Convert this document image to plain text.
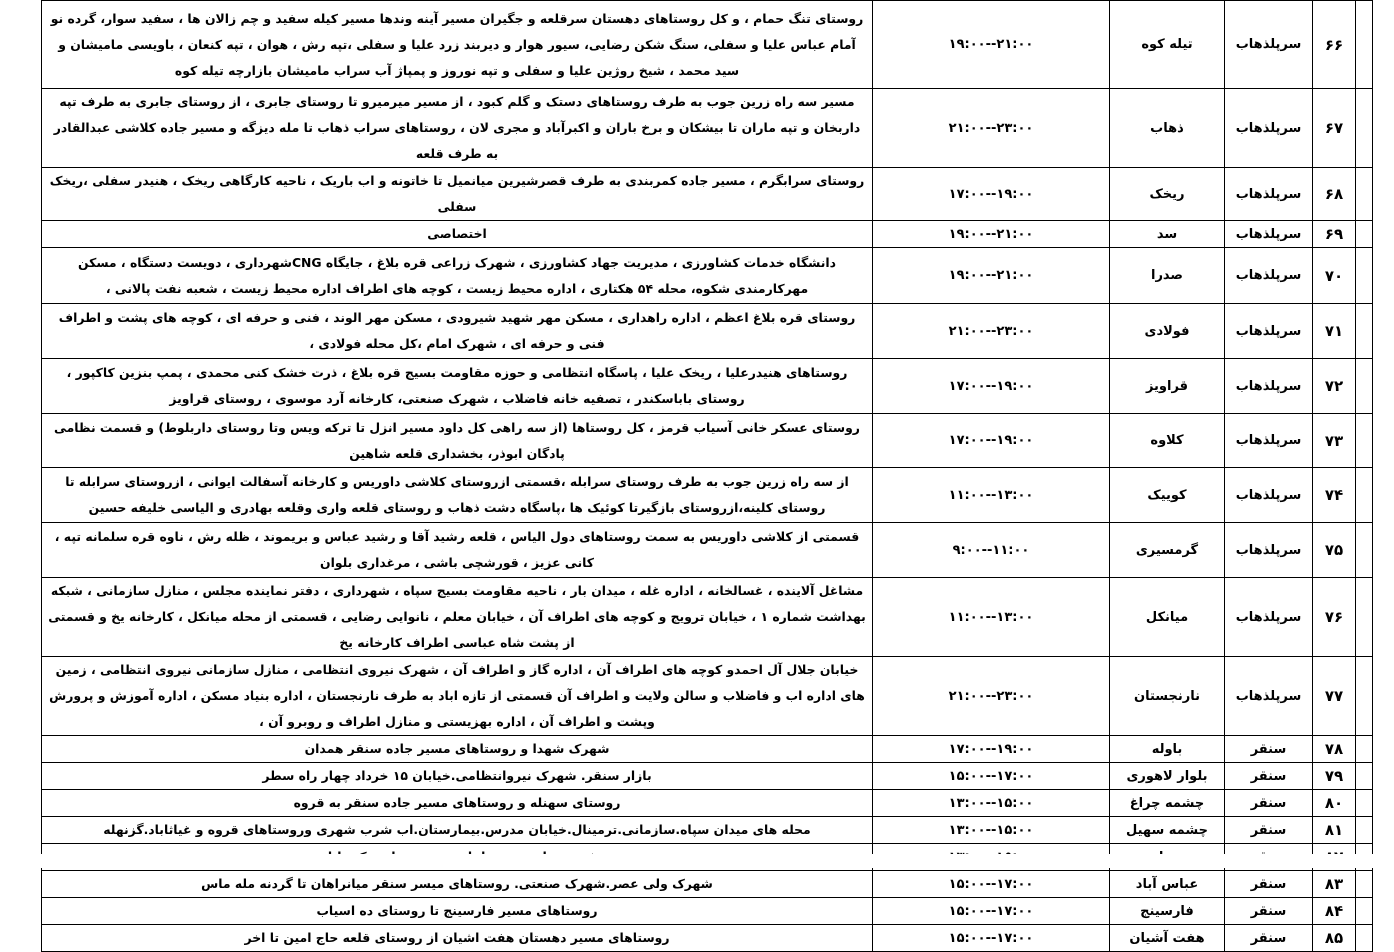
	۶۶	سرپلذهاب	تیله کوه	۱۹:۰۰--۲۱:۰۰	روستای تنگ حمام ، و کل روستاهای دهستان سرقلعه و جگیران مسیر آینه وندها مسیر کیله سفید و چم زالان ها ، سفید سوار، گرده نو آمام عباس علیا و سفلی، سنگ شکن رضایی، سیور هوار و دیربند زرد علیا و سفلی ،تپه رش ، هوان ، تپه کنعان ، باویسی مامیشان و سید محمد ، شیخ روژین علیا و سفلی و تپه نوروز و پمپاژ آب سراب مامیشان بازارچه تیله کوه
	۶۷	سرپلذهاب	ذهاب	۲۱:۰۰--۲۳:۰۰	مسیر سه راه زرین جوب به طرف روستاهای دستک و گلم کبود ، از مسیر میرمیرو تا روستای جابری ، از روستای جابری به طرف تپه داربخان و تپه ماران تا بیشکان و برخ باران و اکبرآباد و مجری لان ، روستاهای سراب ذهاب تا مله دیزگه و مسیر جاده کلاشی عبدالقادر به طرف قلعه
	۶۸	سرپلذهاب	ریخک	۱۷:۰۰--۱۹:۰۰	روستای سرابگرم ، مسیر جاده کمربندی به طرف قصرشیرین میانمیل تا خاتونه و اب باریک ، ناحیه کارگاهی ریخک ، هنیدر سفلی ،ریخک سفلی
	۶۹	سرپلذهاب	سد	۱۹:۰۰--۲۱:۰۰	اختصاصی
	۷۰	سرپلذهاب	صدرا	۱۹:۰۰--۲۱:۰۰	دانشگاه خدمات کشاورزی ، مدیریت جهاد کشاورزی ، شهرک زراعی قره بلاغ ، جایگاه CNGشهرداری ، دویست دستگاه ، مسکن مهرکارمندی شکوه، محله ۵۴ هکتاری ، اداره محیط زیست ، کوچه های اطراف اداره محیط زیست ، شعبه نفت پالانی ،
	۷۱	سرپلذهاب	فولادی	۲۱:۰۰--۲۳:۰۰	روستای قره بلاغ اعظم ، اداره راهداری ، مسکن مهر شهید شیرودی ، مسکن مهر الوند ، فنی و حرفه ای ، کوچه های پشت و اطراف فنی و حرفه ای ، شهرک امام ،کل محله فولادی ،
	۷۲	سرپلذهاب	قراویز	۱۷:۰۰--۱۹:۰۰	روستاهای هنیدرعلیا ، ریخک علیا ، پاسگاه انتظامی و حوزه مقاومت بسیج قره بلاغ ، ذرت خشک کنی محمدی ، پمپ بنزین کاکپور ، روستای باباسکندر ، تصفیه خانه فاضلاب ، شهرک صنعتی، کارخانه آرد موسوی ، روستای قراویز
	۷۳	سرپلذهاب	کلاوه	۱۷:۰۰--۱۹:۰۰	روستای عسکر خانی آسیاب قرمز ، کل روستاها (از سه راهی کل داود مسیر انزل تا ترکه ویس وتا روستای داربلوط) و قسمت نظامی پادگان ابوذر، بخشداری قلعه شاهین
	۷۴	سرپلذهاب	کوییک	۱۱:۰۰--۱۳:۰۰	از سه راه زرین جوب به طرف روستای سرابله ،قسمتی ازروستای کلاشی داوریس و کارخانه آسفالت ایوانی ، ازروستای سرابله تا روستای کلینه،ازروستای بازگیرتا کوئیک ها ،پاسگاه دشت ذهاب و روستای قلعه واری وقلعه بهادری و الیاسی خلیفه حسین
	۷۵	سرپلذهاب	گرمسیری	۹:۰۰--۱۱:۰۰	قسمتی از کلاشی داوریس به سمت روستاهای دول الیاس ، قلعه رشید آقا و رشید عباس و بریموند ، ظله رش ، ناوه قره سلمانه تپه ، کانی عزیز ، قورشچی باشی ، مرغداری بلوان
	۷۶	سرپلذهاب	میانکل	۱۱:۰۰--۱۳:۰۰	مشاغل آلاینده ، غسالخانه ، اداره غله ، میدان بار ، ناحیه مقاومت بسیج سپاه ، شهرداری ، دفتر نماینده مجلس ، منازل سازمانی ، شبکه بهداشت شماره ۱ ، خیابان ترویج و کوچه های اطراف آن ، خیابان معلم ، نانوایی رضایی ، قسمتی از محله میانکل ، کارخانه یخ و قسمتی از پشت شاه عباسی اطراف کارخانه یخ
	۷۷	سرپلذهاب	نارنجستان	۲۱:۰۰--۲۳:۰۰	خیابان جلال آل احمدو کوچه های اطراف آن ، اداره گاز و اطراف آن ، شهرک نیروی انتظامی ، منازل سازمانی نیروی انتظامی ، زمین های اداره اب و فاضلاب و سالن ولایت و اطراف آن قسمتی از تازه اباد به طرف نارنجستان ، اداره بنیاد مسکن ، اداره آموزش و پرورش وپشت و اطراف آن ، اداره بهزیستی و منازل اطراف و روبرو آن ،
	۷۸	سنقر	باوله	۱۷:۰۰--۱۹:۰۰	شهرک شهدا و روستاهای مسیر جاده سنقر همدان
	۷۹	سنقر	بلوار لاهوری	۱۵:۰۰--۱۷:۰۰	بازار سنقر. شهرک نیروانتظامی.خیابان ۱۵ خرداد چهار راه سطر
	۸۰	سنقر	چشمه چراغ	۱۳:۰۰--۱۵:۰۰	روستای سهنله و روستاهای مسیر جاده سنقر به قروه
	۸۱	سنقر	چشمه سهیل	۱۳:۰۰--۱۵:۰۰	محله های میدان سپاه.سازمانی.ترمینال.خیابان مدرس.بیمارستان.اب شرب شهری وروستاهای قروه و غیاثاباد.گزنهله

	۸۳	سنقر	عباس آباد	۱۵:۰۰--۱۷:۰۰	شهرک ولی عصر.شهرک صنعتی. روستاهای میسر سنقر میانراهان تا گردنه مله ماس
	۸۴	سنقر	فارسینج	۱۵:۰۰--۱۷:۰۰	روستاهای مسیر فارسینج تا روستای ده اسیاب
	۸۵	سنقر	هفت آشیان	۱۵:۰۰--۱۷:۰۰	روستاهای مسیر دهستان هفت اشیان از روستای قلعه حاج امین تا اخر
